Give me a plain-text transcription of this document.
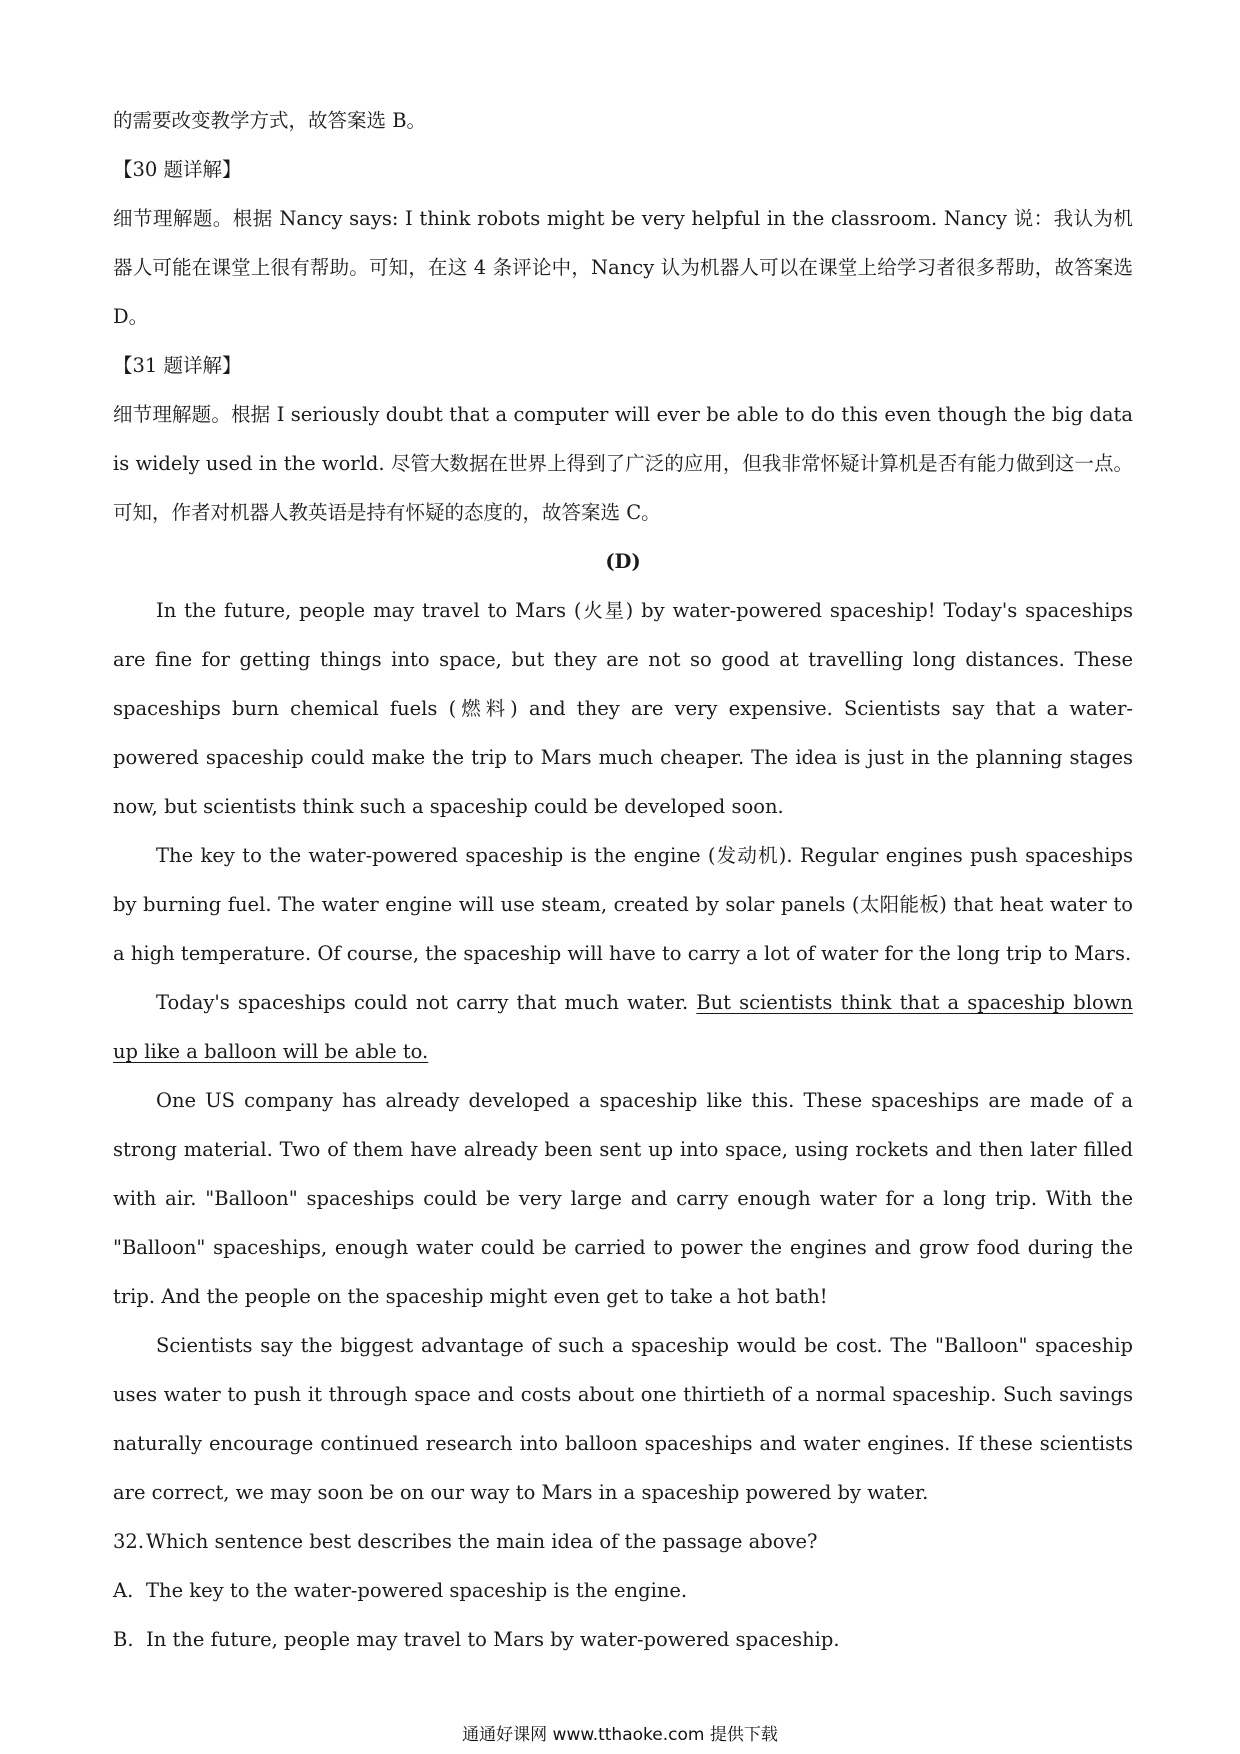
的需要改变教学方式，故答案选 B。

【30 题详解】

细节理解题。根据 Nancy says: I think robots might be very helpful in the classroom. Nancy 说：我认为机器人可能在课堂上很有帮助。可知，在这 4 条评论中，Nancy 认为机器人可以在课堂上给学习者很多帮助，故答案选 D。

【31 题详解】

细节理解题。根据 I seriously doubt that a computer will ever be able to do this even though the big data is widely used in the world. 尽管大数据在世界上得到了广泛的应用，但我非常怀疑计算机是否有能力做到这一点。可知，作者对机器人教英语是持有怀疑的态度的，故答案选 C。

(D)

In the future, people may travel to Mars (火星) by water-powered spaceship! Today's spaceships are fine for getting things into space, but they are not so good at travelling long distances. These spaceships burn chemical fuels (燃料) and they are very expensive. Scientists say that a water-powered spaceship could make the trip to Mars much cheaper. The idea is just in the planning stages now, but scientists think such a spaceship could be developed soon.

The key to the water-powered spaceship is the engine (发动机). Regular engines push spaceships by burning fuel. The water engine will use steam, created by solar panels (太阳能板) that heat water to a high temperature. Of course, the spaceship will have to carry a lot of water for the long trip to Mars.

Today's spaceships could not carry that much water. But scientists think that a spaceship blown up like a balloon will be able to.

One US company has already developed a spaceship like this. These spaceships are made of a strong material. Two of them have already been sent up into space, using rockets and then later filled with air. "Balloon" spaceships could be very large and carry enough water for a long trip. With the "Balloon" spaceships, enough water could be carried to power the engines and grow food during the trip. And the people on the spaceship might even get to take a hot bath!

Scientists say the biggest advantage of such a spaceship would be cost. The "Balloon" spaceship uses water to push it through space and costs about one thirtieth of a normal spaceship. Such savings naturally encourage continued research into balloon spaceships and water engines. If these scientists are correct, we may soon be on our way to Mars in a spaceship powered by water.

32. Which sentence best describes the main idea of the passage above?

A. The key to the water-powered spaceship is the engine.

B. In the future, people may travel to Mars by water-powered spaceship.

通通好课网 www.tthaoke.com 提供下载
